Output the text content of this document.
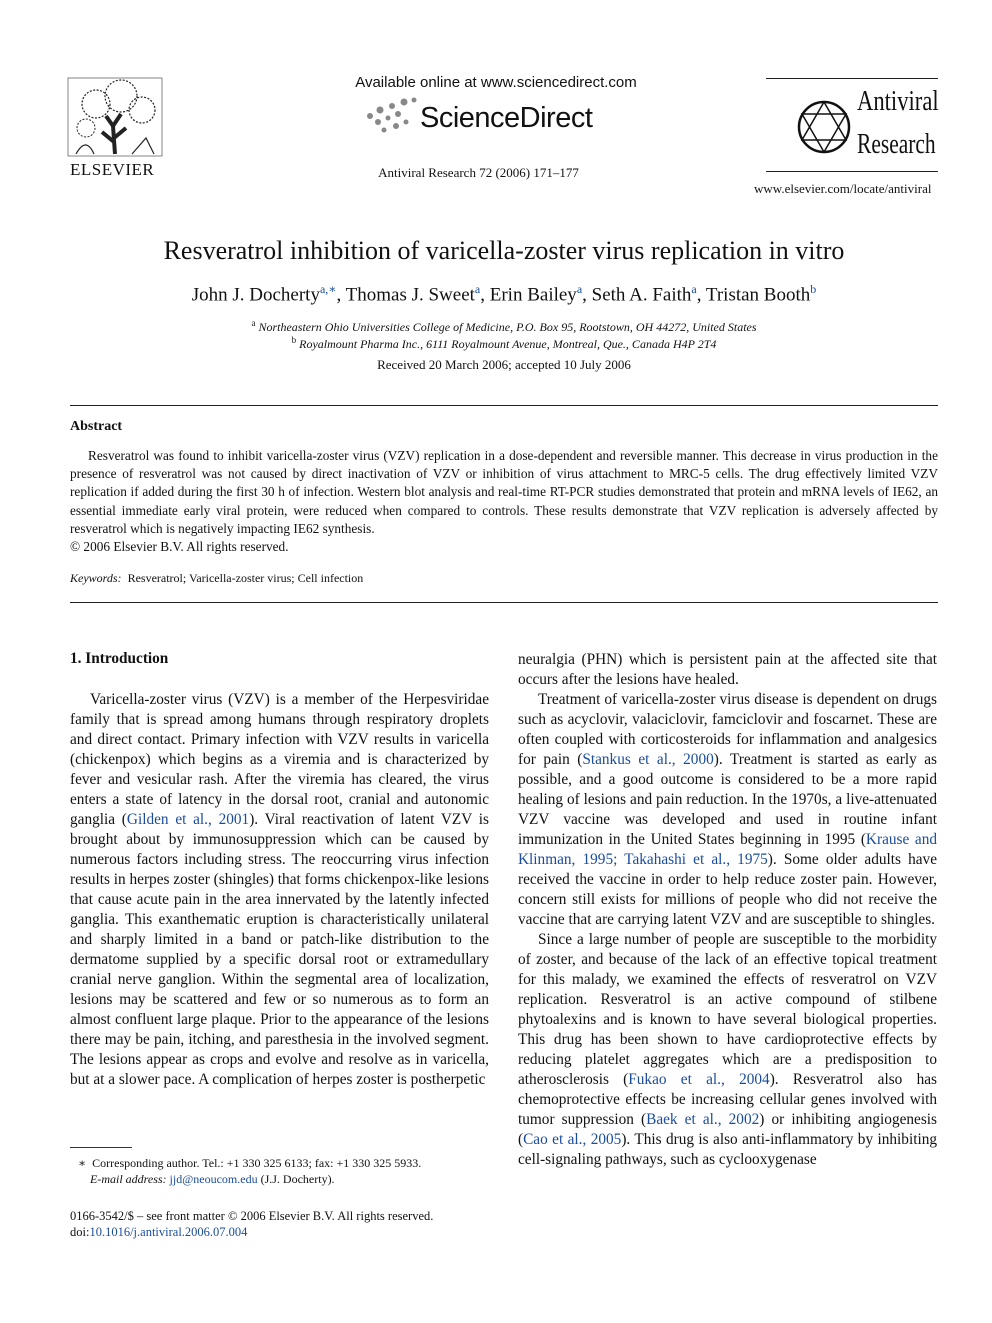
ELSEVIER
Available online at www.sciencedirect.com
ScienceDirect
Antiviral Research 72 (2006) 171–177
Antiviral
Research
www.elsevier.com/locate/antiviral
Resveratrol inhibition of varicella-zoster virus replication in vitro
John J. Docherty$^{a,∗}$, Thomas J. Sweet$^a$, Erin Bailey$^a$, Seth A. Faith$^a$, Tristan Booth$^b$
$^a$ Northeastern Ohio Universities College of Medicine, P.O. Box 95, Rootstown, OH 44272, United States
$^b$ Royalmount Pharma Inc., 6111 Royalmount Avenue, Montreal, Que., Canada H4P 2T4
Received 20 March 2006; accepted 10 July 2006
Abstract
Resveratrol was found to inhibit varicella-zoster virus (VZV) replication in a dose-dependent and reversible manner. This decrease in virus production in the presence of resveratrol was not caused by direct inactivation of VZV or inhibition of virus attachment to MRC-5 cells. The drug effectively limited VZV replication if added during the first 30 h of infection. Western blot analysis and real-time RT-PCR studies demonstrated that protein and mRNA levels of IE62, an essential immediate early viral protein, were reduced when compared to controls. These results demonstrate that VZV replication is adversely affected by resveratrol which is negatively impacting IE62 synthesis.
© 2006 Elsevier B.V. All rights reserved.
Keywords: Resveratrol; Varicella-zoster virus; Cell infection
1. Introduction

Varicella-zoster virus (VZV) is a member of the Herpesviridae family that is spread among humans through respiratory droplets and direct contact. Primary infection with VZV results in varicella (chickenpox) which begins as a viremia and is characterized by fever and vesicular rash. After the viremia has cleared, the virus enters a state of latency in the dorsal root, cranial and autonomic ganglia (Gilden et al., 2001). Viral reactivation of latent VZV is brought about by immunosuppression which can be caused by numerous factors including stress. The reoccurring virus infection results in herpes zoster (shingles) that forms chickenpox-like lesions that cause acute pain in the area innervated by the latently infected ganglia. This exanthematic eruption is characteristically unilateral and sharply limited in a band or patch-like distribution to the dermatome supplied by a specific dorsal root or extramedullary cranial nerve ganglion. Within the segmental area of localization, lesions may be scattered and few or so numerous as to form an almost confluent large plaque. Prior to the appearance of the lesions there may be pain, itching, and paresthesia in the involved segment. The lesions appear as crops and evolve and resolve as in varicella, but at a slower pace. A complication of herpes zoster is postherpetic

neuralgia (PHN) which is persistent pain at the affected site that occurs after the lesions have healed.

Treatment of varicella-zoster virus disease is dependent on drugs such as acyclovir, valaciclovir, famciclovir and foscarnet. These are often coupled with corticosteroids for inflammation and analgesics for pain (Stankus et al., 2000). Treatment is started as early as possible, and a good outcome is considered to be a more rapid healing of lesions and pain reduction. In the 1970s, a live-attenuated VZV vaccine was developed and used in routine infant immunization in the United States beginning in 1995 (Krause and Klinman, 1995; Takahashi et al., 1975). Some older adults have received the vaccine in order to help reduce zoster pain. However, concern still exists for millions of people who did not receive the vaccine that are carrying latent VZV and are susceptible to shingles.

Since a large number of people are susceptible to the morbidity of zoster, and because of the lack of an effective topical treatment for this malady, we examined the effects of resveratrol on VZV replication. Resveratrol is an active compound of stilbene phytoalexins and is known to have several biological properties. This drug has been shown to have cardioprotective effects by reducing platelet aggregates which are a predisposition to atherosclerosis (Fukao et al., 2004). Resveratrol also has chemoprotective effects be increasing cellular genes involved with tumor suppression (Baek et al., 2002) or inhibiting angiogenesis (Cao et al., 2005). This drug is also anti-inflammatory by inhibiting cell-signaling pathways, such as cyclooxygenase

∗ Corresponding author. Tel.: +1 330 325 6133; fax: +1 330 325 5933.
E-mail address: jjd@neoucom.edu (J.J. Docherty).
0166-3542/$ – see front matter © 2006 Elsevier B.V. All rights reserved.
doi:10.1016/j.antiviral.2006.07.004
